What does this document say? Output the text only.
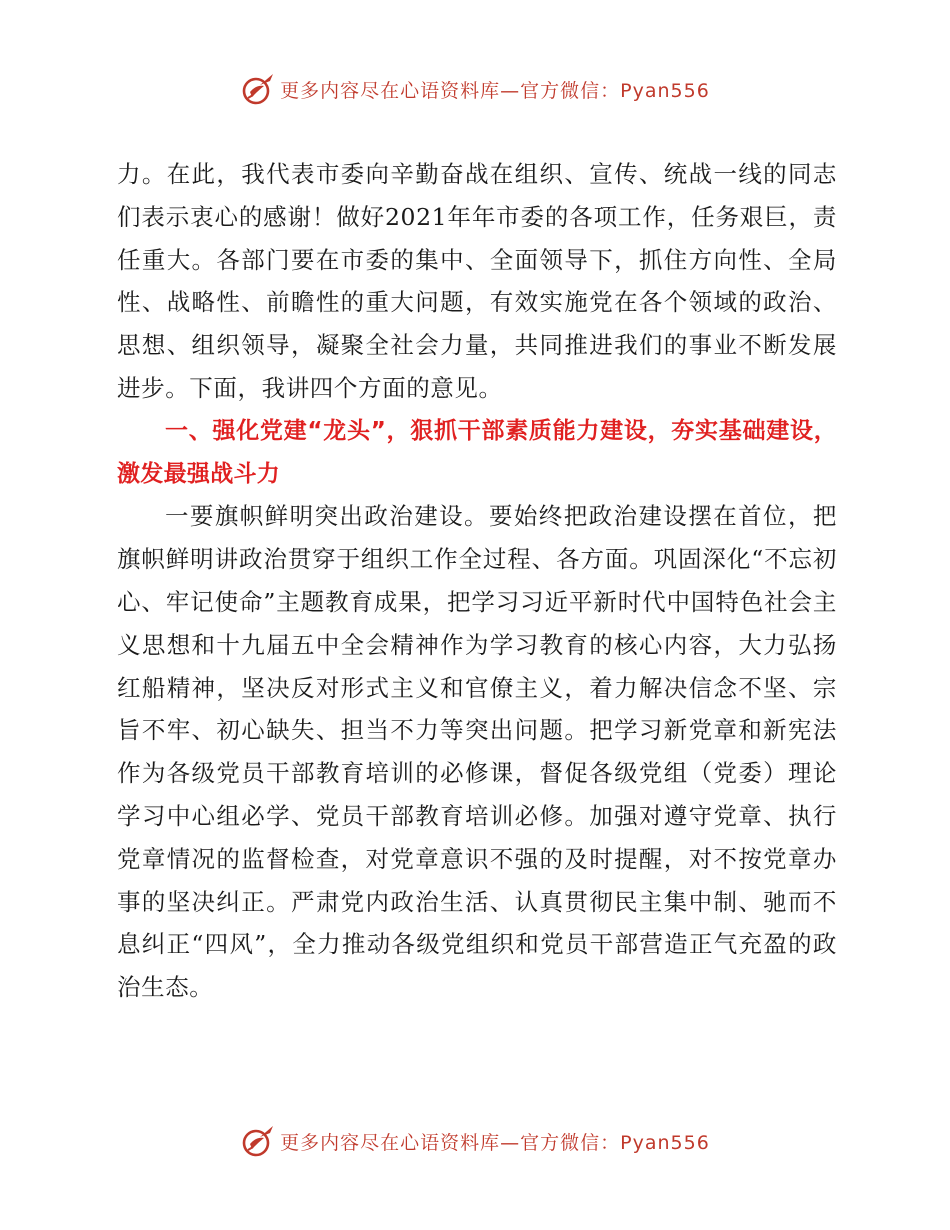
更多内容尽在心语资料库—官方微信：Pyan556

力。在此，我代表市委向辛勤奋战在组织、宣传、统战一线的同志们表示衷心的感谢！做好2021年年市委的各项工作，任务艰巨，责任重大。各部门要在市委的集中、全面领导下，抓住方向性、全局性、战略性、前瞻性的重大问题，有效实施党在各个领域的政治、思想、组织领导，凝聚全社会力量，共同推进我们的事业不断发展进步。下面，我讲四个方面的意见。

一、强化党建“龙头”，狠抓干部素质能力建设，夯实基础建设，激发最强战斗力

一要旗帜鲜明突出政治建设。要始终把政治建设摆在首位，把旗帜鲜明讲政治贯穿于组织工作全过程、各方面。巩固深化“不忘初心、牢记使命”主题教育成果，把学习习近平新时代中国特色社会主义思想和十九届五中全会精神作为学习教育的核心内容，大力弘扬红船精神，坚决反对形式主义和官僚主义，着力解决信念不坚、宗旨不牢、初心缺失、担当不力等突出问题。把学习新党章和新宪法作为各级党员干部教育培训的必修课，督促各级党组（党委）理论学习中心组必学、党员干部教育培训必修。加强对遵守党章、执行党章情况的监督检查，对党章意识不强的及时提醒，对不按党章办事的坚决纠正。严肃党内政治生活、认真贯彻民主集中制、驰而不息纠正“四风”，全力推动各级党组织和党员干部营造正气充盈的政治生态。

更多内容尽在心语资料库—官方微信：Pyan556
